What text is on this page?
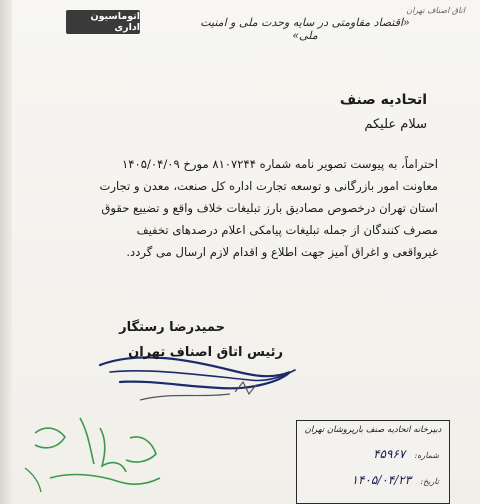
اتاق اصناف تهران
«اقتصاد مقاومتی در سایه وحدت ملی و امنیت ملی»
اتوماسیون اداری
اتحادیه صنف
سلام علیکم
احتراماً، به پیوست تصویر نامه شماره ۸۱۰۷۲۴۴ مورخ ۱۴۰۵/۰۴/۰۹
معاونت امور بازرگانی و توسعه تجارت اداره کل صنعت، معدن و تجارت
استان تهران درخصوص مصادیق بارز تبلیغات خلاف واقع و تضییع حقوق
مصرف کنندگان از جمله تبلیغات پیامکی اعلام درصدهای تخفیف
غیرواقعی و اغراق آمیز جهت اطلاع و اقدام لازم ارسال می گردد.
حمیدرضا رستگار
رئیس اتاق اصناف تهران
دبیرخانه اتحادیه صنف بارپروشان تهران
شماره: ۴۵۹۶۷
تاریخ: ۱۴۰۵/۰۴/۲۳
